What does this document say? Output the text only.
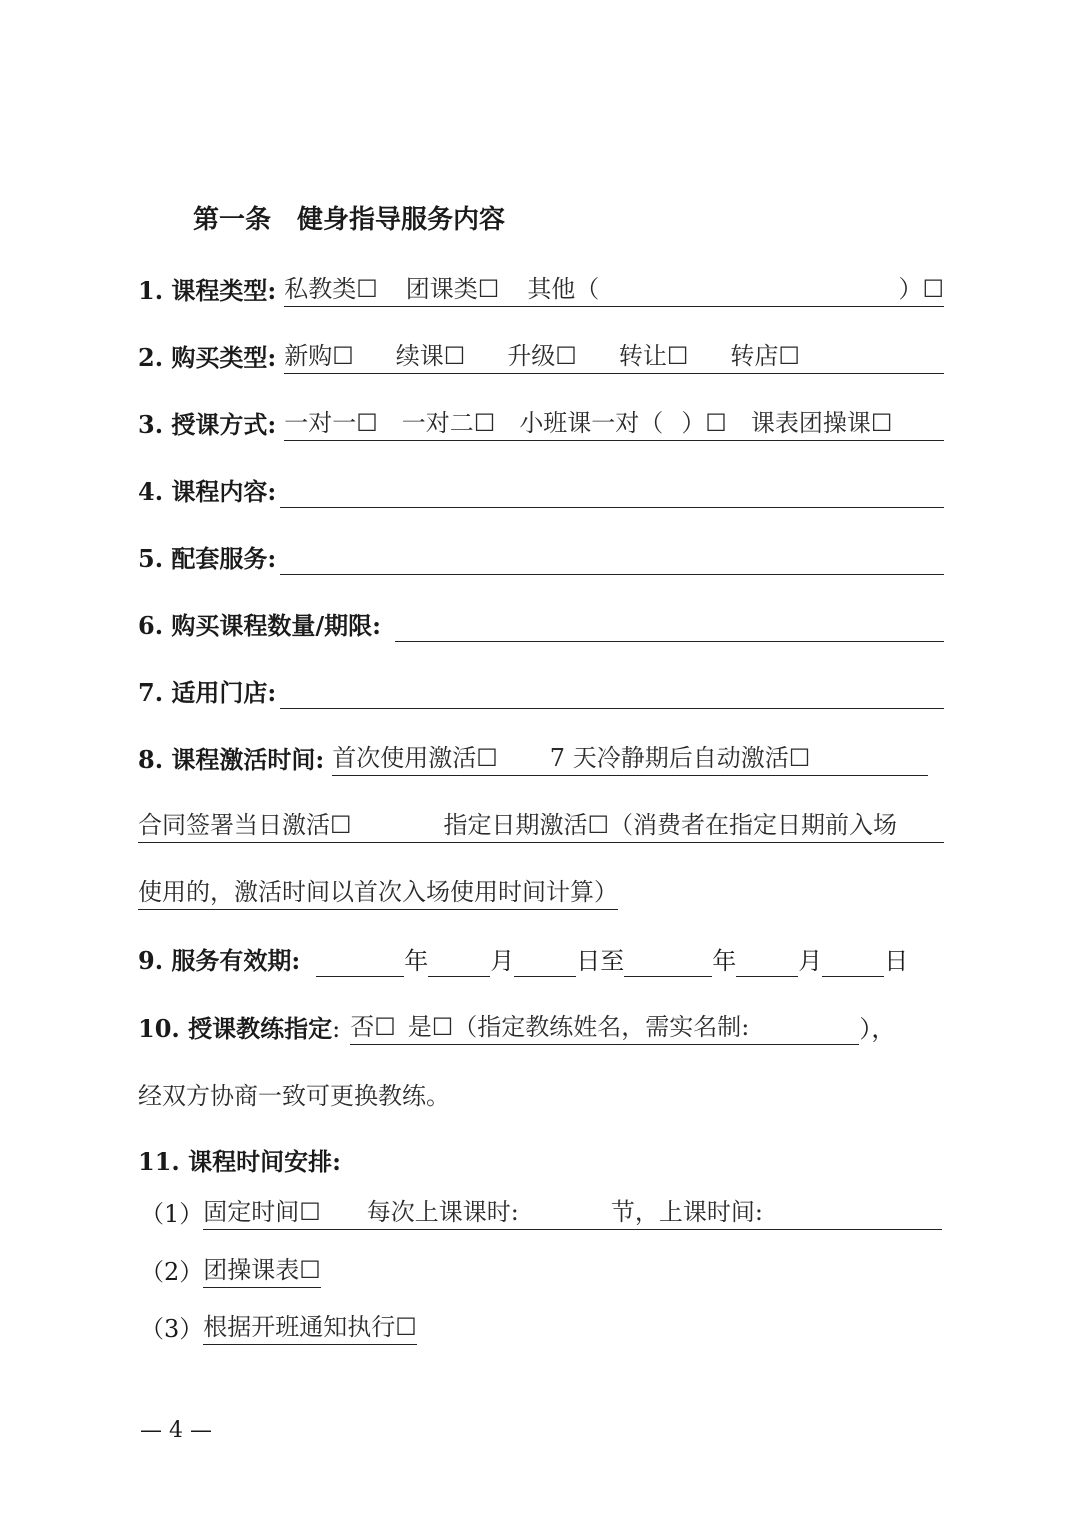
第一条　健身指导服务内容
1. 课程类型: 私教类☐ 团课类☐ 其他（	）☐
2. 购买类型: 新购☐ 续课☐ 升级☐ 转让☐ 转店☐
3. 授课方式: 一对一☐ 一对二☐ 小班课一对（ ）☐ 课表团操课☐
4. 课程内容:
5. 配套服务:
6. 购买课程数量/期限:
7. 适用门店:
8. 课程激活时间: 首次使用激活☐ 7 天冷静期后自动激活☐
合同签署当日激活☐	指定日期激活☐（消费者在指定日期前入场
使用的，激活时间以首次入场使用时间计算）
9. 服务有效期:	年	月	日至	年	月	日
10. 授课教练指定 : 否☐ 是☐（指定教练姓名，需实名制:	），
经双方协商一致可更换教练。
11. 课程时间安排:
（1） 固定时间☐ 每次上课课时:	节，上课时间:
（2） 团操课表☐
（3） 根据开班通知执行☐
— 4 —
